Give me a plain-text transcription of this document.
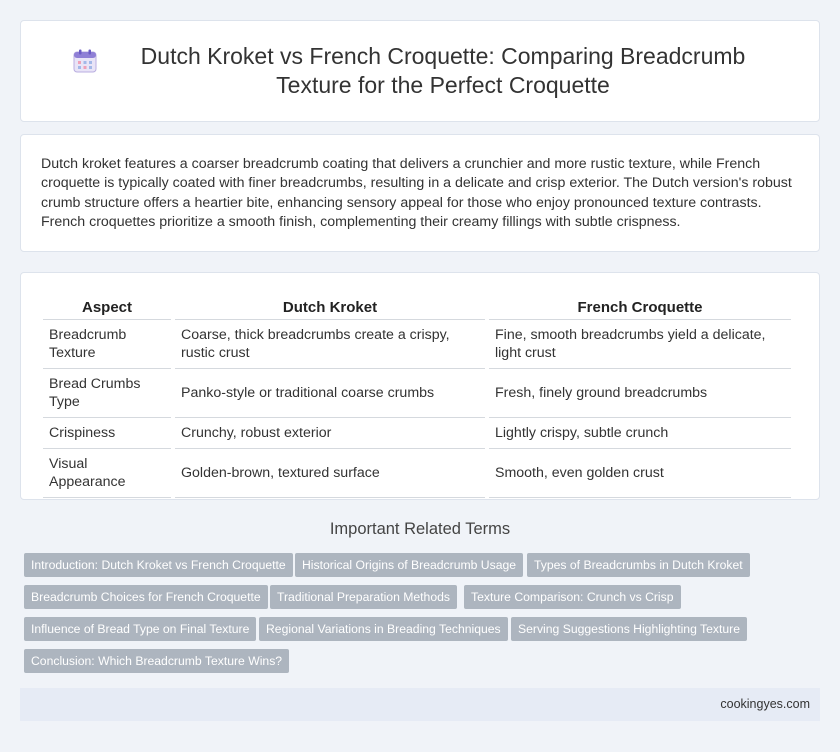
Dutch Kroket vs French Croquette: Comparing Breadcrumb Texture for the Perfect Croquette

Dutch kroket features a coarser breadcrumb coating that delivers a crunchier and more rustic texture, while French croquette is typically coated with finer breadcrumbs, resulting in a delicate and crisp exterior. The Dutch version's robust crumb structure offers a heartier bite, enhancing sensory appeal for those who enjoy pronounced texture contrasts. French croquettes prioritize a smooth finish, complementing their creamy fillings with subtle crispness.

Aspect	Dutch Kroket	French Croquette
Breadcrumb Texture	Coarse, thick breadcrumbs create a crispy, rustic crust	Fine, smooth breadcrumbs yield a delicate, light crust
Bread Crumbs Type	Panko-style or traditional coarse crumbs	Fresh, finely ground breadcrumbs
Crispiness	Crunchy, robust exterior	Lightly crispy, subtle crunch
Visual Appearance	Golden-brown, textured surface	Smooth, even golden crust
Important Related Terms
Introduction: Dutch Kroket vs French Croquette	Historical Origins of Breadcrumb Usage	Types of Breadcrumbs in Dutch Kroket
Breadcrumb Choices for French Croquette	Traditional Preparation Methods	Texture Comparison: Crunch vs Crisp
Influence of Bread Type on Final Texture	Regional Variations in Breading Techniques	Serving Suggestions Highlighting Texture
Conclusion: Which Breadcrumb Texture Wins?
cookingyes.com
